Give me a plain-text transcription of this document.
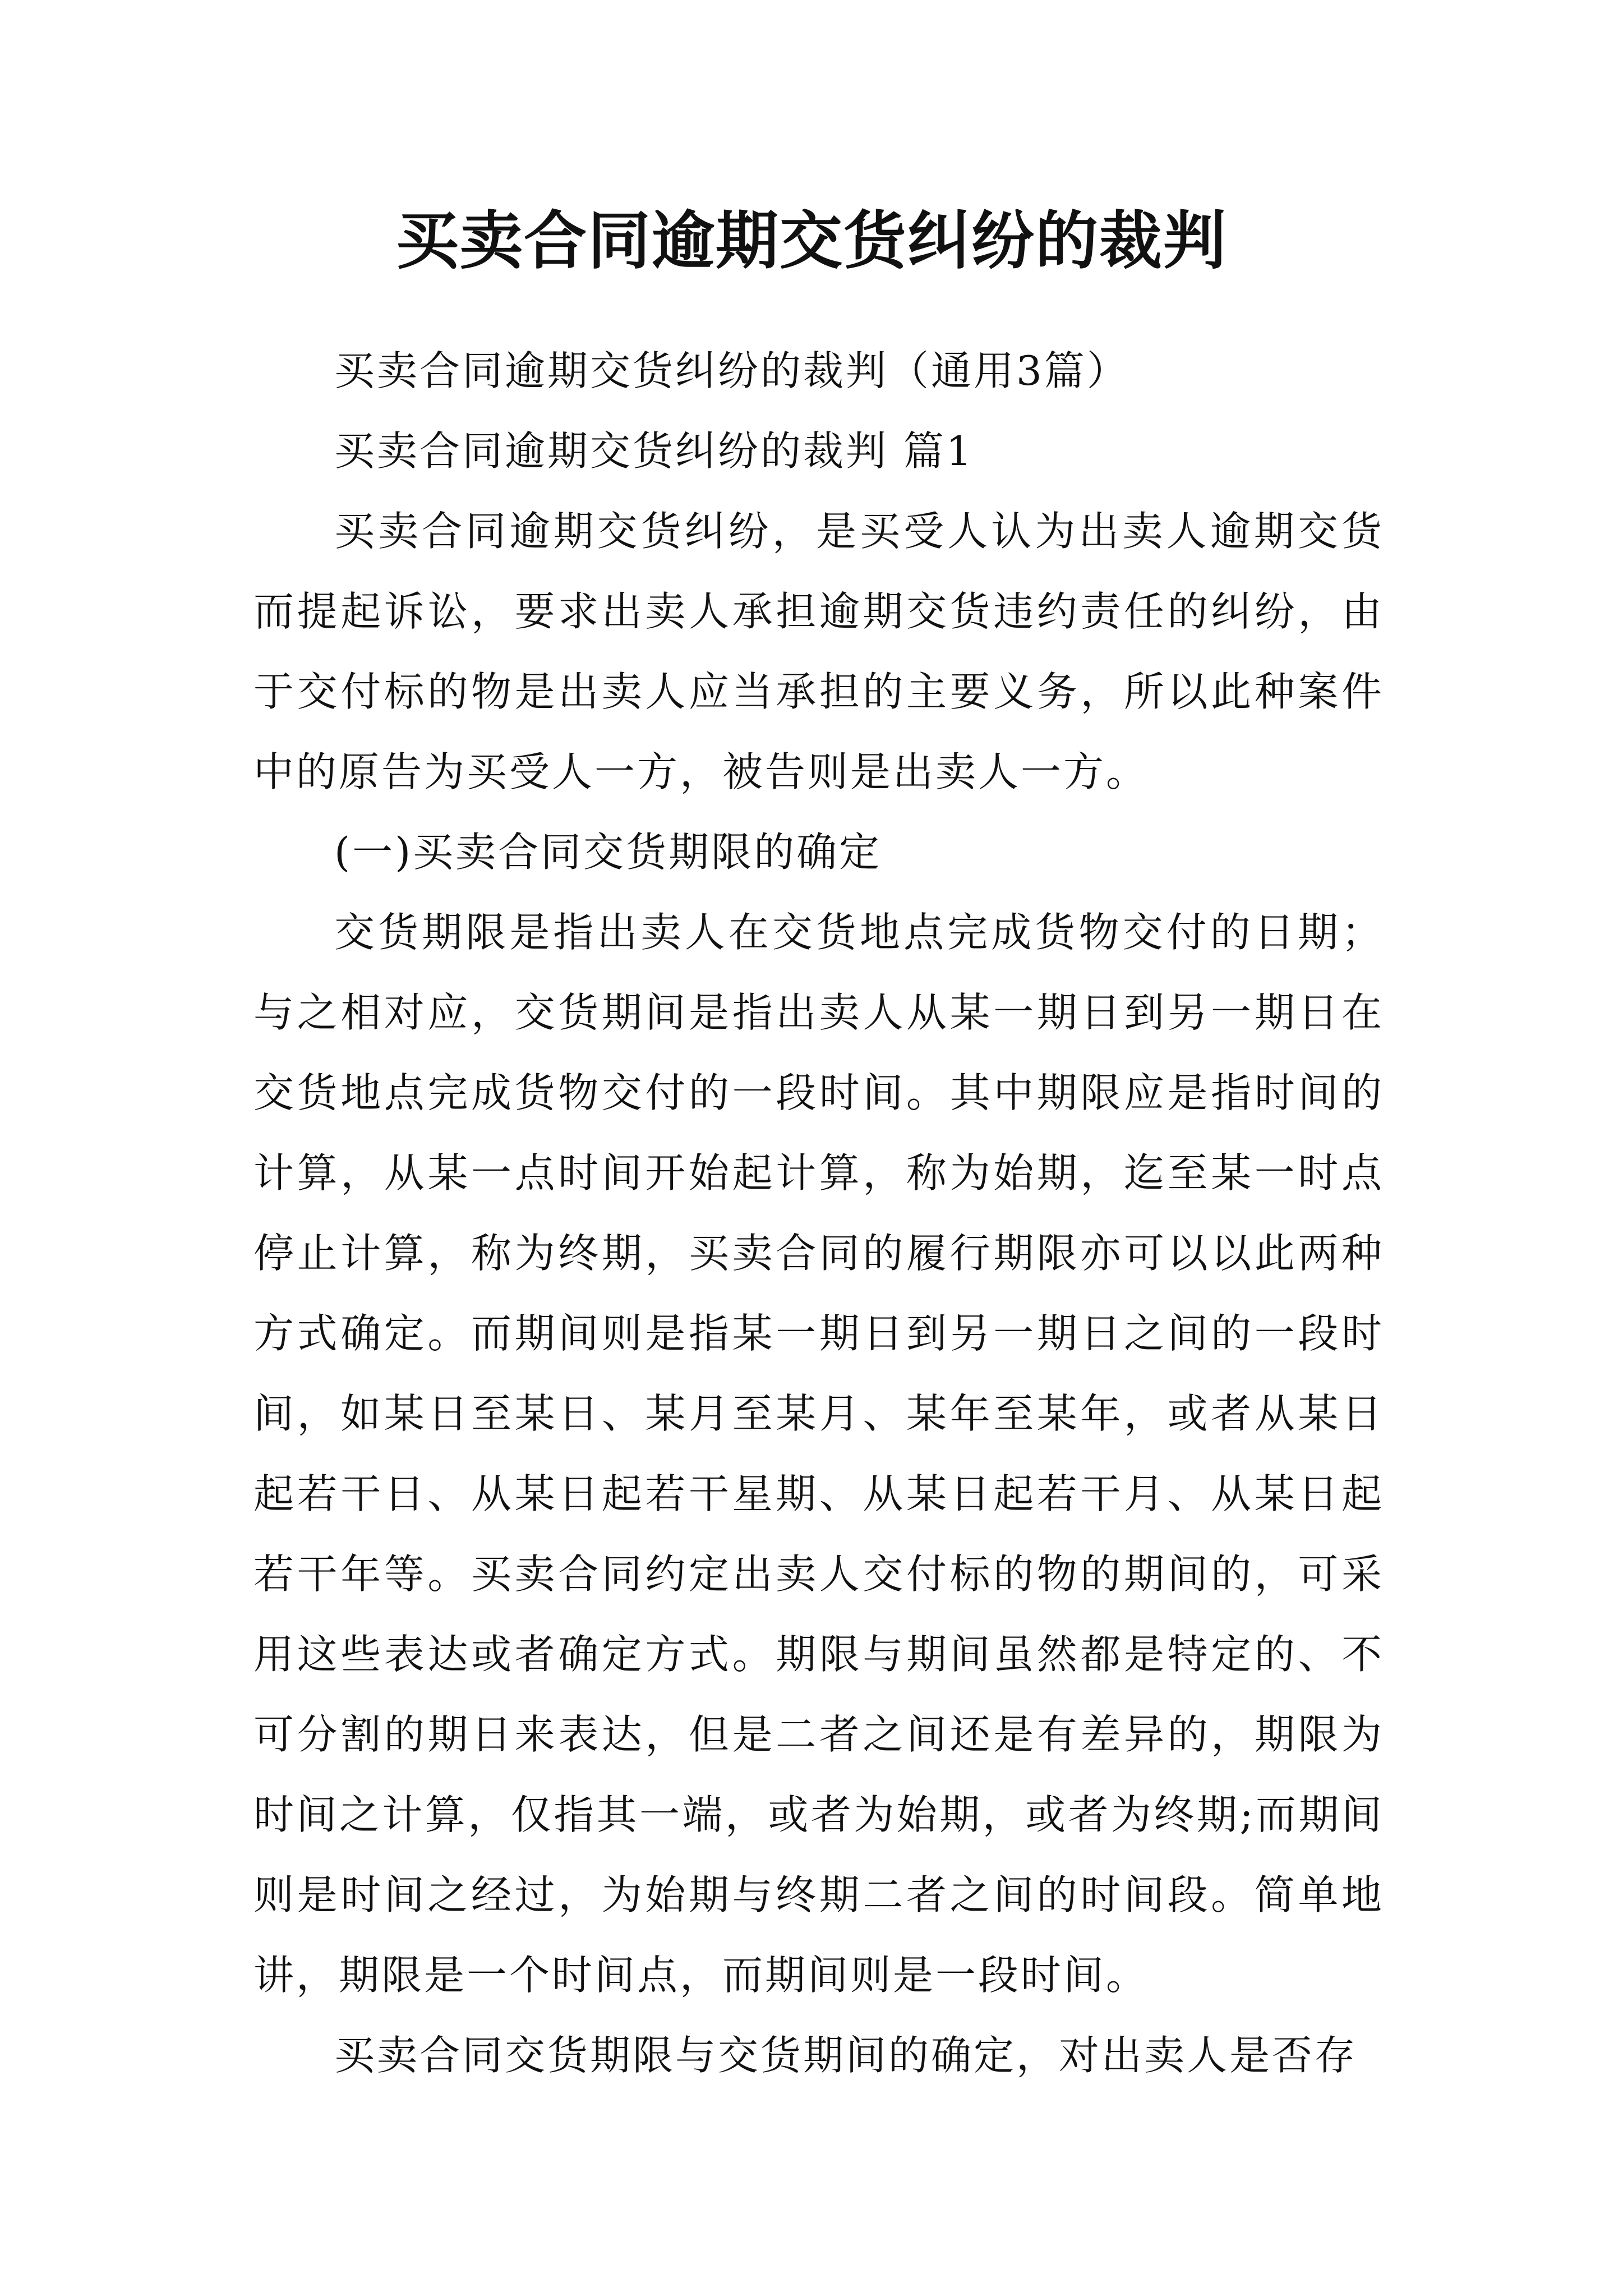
买卖合同逾期交货纠纷的裁判

买卖合同逾期交货纠纷的裁判（通用3篇）

买卖合同逾期交货纠纷的裁判 篇1

买卖合同逾期交货纠纷，是买受人认为出卖人逾期交货而提起诉讼，要求出卖人承担逾期交货违约责任的纠纷，由于交付标的物是出卖人应当承担的主要义务，所以此种案件中的原告为买受人一方，被告则是出卖人一方。

(一)买卖合同交货期限的确定

交货期限是指出卖人在交货地点完成货物交付的日期；与之相对应，交货期间是指出卖人从某一期日到另一期日在交货地点完成货物交付的一段时间。其中期限应是指时间的计算，从某一点时间开始起计算，称为始期，迄至某一时点停止计算，称为终期，买卖合同的履行期限亦可以以此两种方式确定。而期间则是指某一期日到另一期日之间的一段时间，如某日至某日、某月至某月、某年至某年，或者从某日起若干日、从某日起若干星期、从某日起若干月、从某日起若干年等。买卖合同约定出卖人交付标的物的期间的，可采用这些表达或者确定方式。期限与期间虽然都是特定的、不可分割的期日来表达，但是二者之间还是有差异的，期限为时间之计算，仅指其一端，或者为始期，或者为终期;而期间则是时间之经过，为始期与终期二者之间的时间段。简单地讲，期限是一个时间点，而期间则是一段时间。

买卖合同交货期限与交货期间的确定，对出卖人是否存
